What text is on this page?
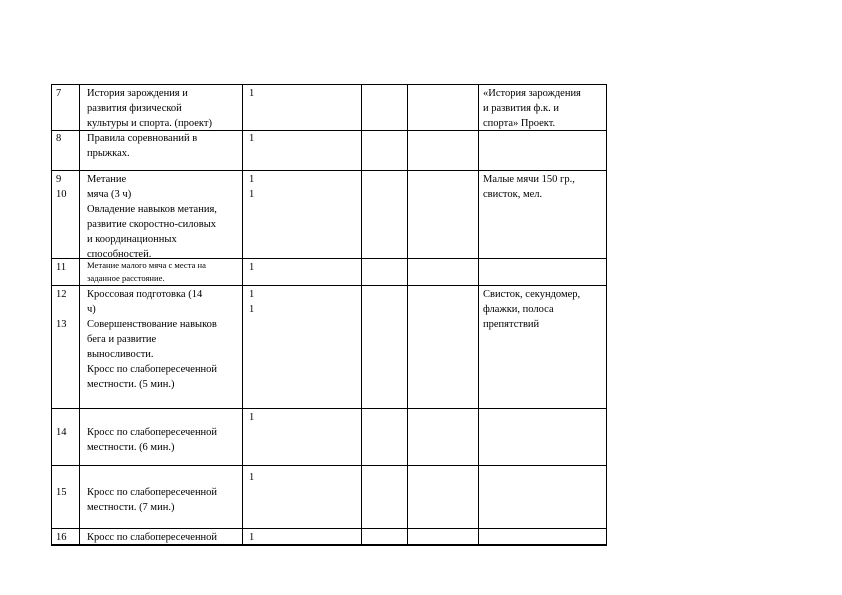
7 История зарождения и
развития физической
культуры и спорта. (проект)
1	«История зарождения
и развития ф.к. и
спорта» Проект.
8 Правила соревнований в
прыжках.
1
9
10
Метание
мяча (3 ч)
Овладение навыков метания,
развитие скоростно-силовых
и координационных
способностей.
1
1
Малые мячи 150 гр.,
свисток, мел.
11 Метание малого мяча с места на
заданное расстояние.
1
12

13
Кроссовая подготовка (14
ч)
Совершенствование навыков
бега и развитие
выносливости.
Кросс по слабопересеченной
местности. (5 мин.)
1
1
Свисток, секундомер,
флажки, полоса
препятствий
14 Кросс по слабопересеченной
местности. (6 мин.)
1
15 Кросс по слабопересеченной
местности. (7 мин.)
1
16 Кросс по слабопересеченной	1
